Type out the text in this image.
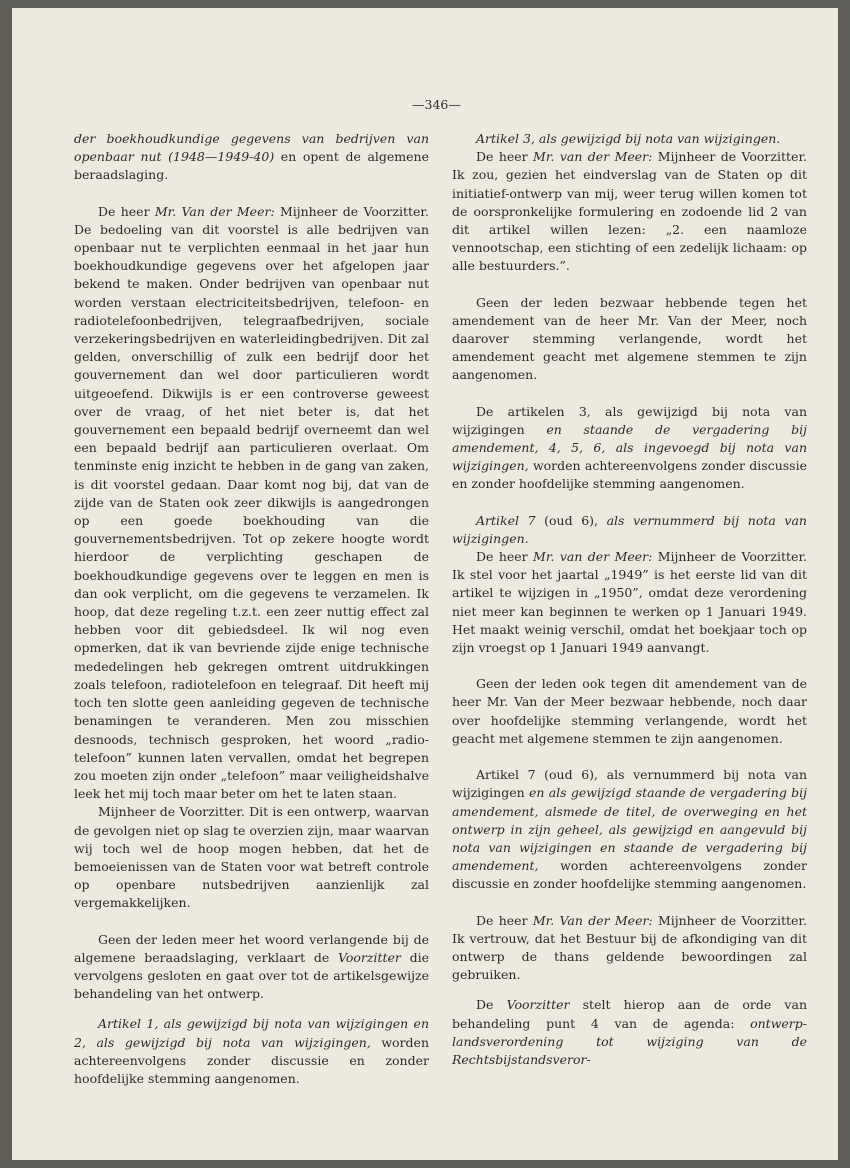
—346—

der boekhoudkundige gegevens van bedrijven van openbaar nut (1948—1949-40) en opent de algemene beraadslaging.

De heer Mr. Van der Meer: Mijnheer de Voorzitter. De bedoeling van dit voorstel is alle bedrijven van openbaar nut te verplichten eenmaal in het jaar hun boekhoudkundige gegevens over het afgelopen jaar bekend te maken. Onder bedrijven van openbaar nut worden verstaan electriciteitsbedrijven, telefoon- en radiotelefoonbedrijven, telegraafbedrijven, sociale verzekeringsbedrijven en waterleidingbedrijven. Dit zal gelden, onverschillig of zulk een bedrijf door het gouvernement dan wel door particulieren wordt uitgeoefend. Dikwijls is er een controverse geweest over de vraag, of het niet beter is, dat het gouvernement een bepaald bedrijf overneemt dan wel een bepaald bedrijf aan particulieren overlaat. Om tenminste enig inzicht te hebben in de gang van zaken, is dit voorstel gedaan. Daar komt nog bij, dat van de zijde van de Staten ook zeer dikwijls is aangedrongen op een goede boekhouding van die gouvernementsbedrijven. Tot op zekere hoogte wordt hierdoor de verplichting geschapen de boekhoudkundige gegevens over te leggen en men is dan ook verplicht, om die gegevens te verzamelen. Ik hoop, dat deze regeling t.z.t. een zeer nuttig effect zal hebben voor dit gebiedsdeel. Ik wil nog even opmerken, dat ik van bevriende zijde enige technische mededelingen heb gekregen omtrent uitdrukkingen zoals telefoon, radiotelefoon en telegraaf. Dit heeft mij toch ten slotte geen aanleiding gegeven de technische benamingen te veranderen. Men zou misschien desnoods, technisch gesproken, het woord „radio-telefoon” kunnen laten vervallen, omdat het begrepen zou moeten zijn onder „telefoon” maar veiligheidshalve leek het mij toch maar beter om het te laten staan.

Mijnheer de Voorzitter. Dit is een ontwerp, waarvan de gevolgen niet op slag te overzien zijn, maar waarvan wij toch wel de hoop mogen hebben, dat het de bemoeienissen van de Staten voor wat betreft controle op openbare nutsbedrijven aanzienlijk zal vergemakkelijken.

Geen der leden meer het woord verlangende bij de algemene beraadslaging, verklaart de Voorzitter die vervolgens gesloten en gaat over tot de artikelsgewijze behandeling van het ontwerp.

Artikel 1, als gewijzigd bij nota van wijzigingen en 2, als gewijzigd bij nota van wijzigingen, worden achtereenvolgens zonder discussie en zonder hoofdelijke stemming aangenomen.

Artikel 3, als gewijzigd bij nota van wijzigingen.

De heer Mr. van der Meer: Mijnheer de Voorzitter. Ik zou, gezien het eindverslag van de Staten op dit initiatief-ontwerp van mij, weer terug willen komen tot de oorspronkelijke formulering en zodoende lid 2 van dit artikel willen lezen: „2. een naamloze vennootschap, een stichting of een zedelijk lichaam: op alle bestuurders.”.

Geen der leden bezwaar hebbende tegen het amendement van de heer Mr. Van der Meer, noch daarover stemming verlangende, wordt het amendement geacht met algemene stemmen te zijn aangenomen.

De artikelen 3, als gewijzigd bij nota van wijzigingen en staande de vergadering bij amendement, 4, 5, 6, als ingevoegd bij nota van wijzigingen, worden achtereenvolgens zonder discussie en zonder hoofdelijke stemming aangenomen.

Artikel 7 (oud 6), als vernummerd bij nota van wijzigingen.

De heer Mr. van der Meer: Mijnheer de Voorzitter. Ik stel voor het jaartal „1949” is het eerste lid van dit artikel te wijzigen in „1950”, omdat deze verordening niet meer kan beginnen te werken op 1 Januari 1949. Het maakt weinig verschil, omdat het boekjaar toch op zijn vroegst op 1 Januari 1949 aanvangt.

Geen der leden ook tegen dit amendement van de heer Mr. Van der Meer bezwaar hebbende, noch daar over hoofdelijke stemming verlangende, wordt het geacht met algemene stemmen te zijn aangenomen.

Artikel 7 (oud 6), als vernummerd bij nota van wijzigingen en als gewijzigd staande de vergadering bij amendement, alsmede de titel, de overweging en het ontwerp in zijn geheel, als gewijzigd en aangevuld bij nota van wijzigingen en staande de vergadering bij amendement, worden achtereenvolgens zonder discussie en zonder hoofdelijke stemming aangenomen.

De heer Mr. Van der Meer: Mijnheer de Voorzitter. Ik vertrouw, dat het Bestuur bij de afkondiging van dit ontwerp de thans geldende bewoordingen zal gebruiken.

De Voorzitter stelt hierop aan de orde van behandeling punt 4 van de agenda: ontwerp-landsverordening tot wijziging van de Rechtsbijstandsveror-
